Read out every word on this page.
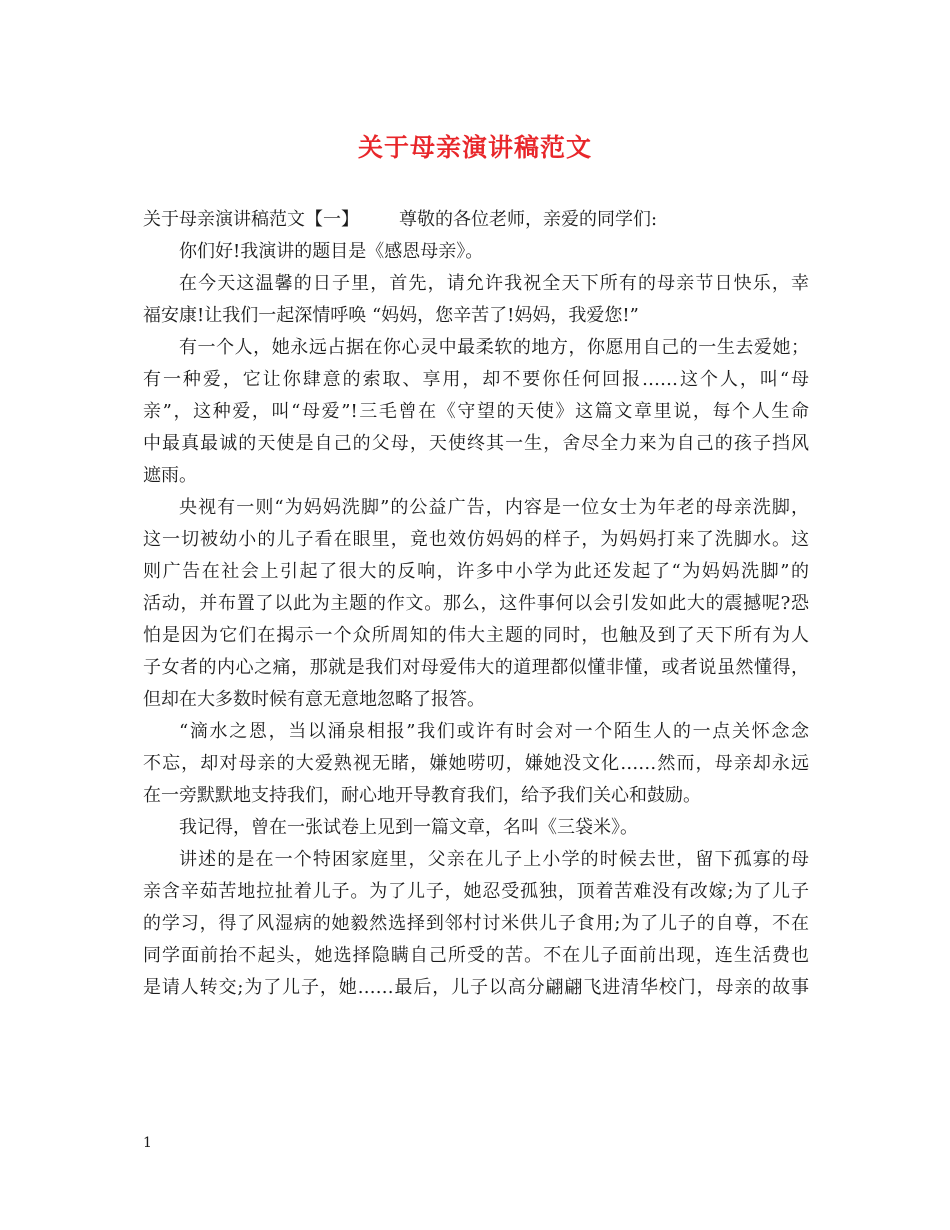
关于母亲演讲稿范文
关于母亲演讲稿范文【一】 尊敬的各位老师，亲爱的同学们:
你们好!我演讲的题目是《感恩母亲》。
在今天这温馨的日子里，首先，请允许我祝全天下所有的母亲节日快乐，幸
福安康!让我们一起深情呼唤 “妈妈，您辛苦了!妈妈，我爱您!”
有一个人，她永远占据在你心灵中最柔软的地方，你愿用自己的一生去爱她；
有一种爱，它让你肆意的索取、享用，却不要你任何回报……这个人，叫“母
亲”，这种爱，叫“母爱”!三毛曾在《守望的天使》这篇文章里说，每个人生命
中最真最诚的天使是自己的父母，天使终其一生，舍尽全力来为自己的孩子挡风
遮雨。
央视有一则“为妈妈洗脚”的公益广告，内容是一位女士为年老的母亲洗脚，
这一切被幼小的儿子看在眼里，竟也效仿妈妈的样子，为妈妈打来了洗脚水。这
则广告在社会上引起了很大的反响，许多中小学为此还发起了“为妈妈洗脚”的
活动，并布置了以此为主题的作文。那么，这件事何以会引发如此大的震撼呢?恐
怕是因为它们在揭示一个众所周知的伟大主题的同时，也触及到了天下所有为人
子女者的内心之痛，那就是我们对母爱伟大的道理都似懂非懂，或者说虽然懂得，
但却在大多数时候有意无意地忽略了报答。
“滴水之恩，当以涌泉相报”我们或许有时会对一个陌生人的一点关怀念念
不忘，却对母亲的大爱熟视无睹，嫌她唠叨，嫌她没文化……然而，母亲却永远
在一旁默默地支持我们，耐心地开导教育我们，给予我们关心和鼓励。
我记得，曾在一张试卷上见到一篇文章，名叫《三袋米》。
讲述的是在一个特困家庭里，父亲在儿子上小学的时候去世，留下孤寡的母
亲含辛茹苦地拉扯着儿子。为了儿子，她忍受孤独，顶着苦难没有改嫁;为了儿子
的学习，得了风湿病的她毅然选择到邻村讨米供儿子食用;为了儿子的自尊，不在
同学面前抬不起头，她选择隐瞒自己所受的苦。不在儿子面前出现，连生活费也
是请人转交;为了儿子，她……最后，儿子以高分翩翩飞进清华校门，母亲的故事
1
